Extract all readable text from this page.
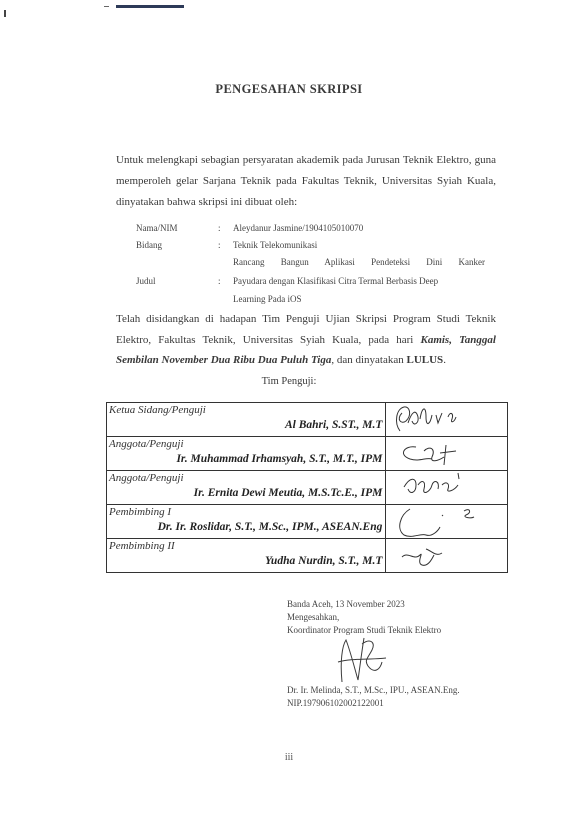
PENGESAHAN SKRIPSI
Untuk melengkapi sebagian persyaratan akademik pada Jurusan Teknik Elektro, guna memperoleh gelar Sarjana Teknik pada Fakultas Teknik, Universitas Syiah Kuala, dinyatakan bahwa skripsi ini dibuat oleh:
Nama/NIM	: Aleydanur Jasmine/1904105010070
Bidang	: Teknik Telekomunikasi
Rancang Bangun Aplikasi Pendeteksi Dini Kanker
Judul	: Payudara dengan Klasifikasi Citra Termal Berbasis Deep
Learning Pada iOS
Telah disidangkan di hadapan Tim Penguji Ujian Skripsi Program Studi Teknik Elektro, Fakultas Teknik, Universitas Syiah Kuala, pada hari Kamis, Tanggal Sembilan November Dua Ribu Dua Puluh Tiga, dan dinyatakan LULUS.
Tim Penguji:
Ketua Sidang/Penguji
Al Bahri, S.ST., M.T

Anggota/Penguji
Ir. Muhammad Irhamsyah, S.T., M.T., IPM

Anggota/Penguji
Ir. Ernita Dewi Meutia, M.S.Tc.E., IPM

Pembimbing I
Dr. Ir. Roslidar, S.T., M.Sc., IPM., ASEAN.Eng

Pembimbing II
Yudha Nurdin, S.T., M.T

Banda Aceh, 13 November 2023
Mengesahkan,
Koordinator Program Studi Teknik Elektro
Dr. Ir. Melinda, S.T., M.Sc., IPU., ASEAN.Eng.
NIP.197906102002122001
iii
